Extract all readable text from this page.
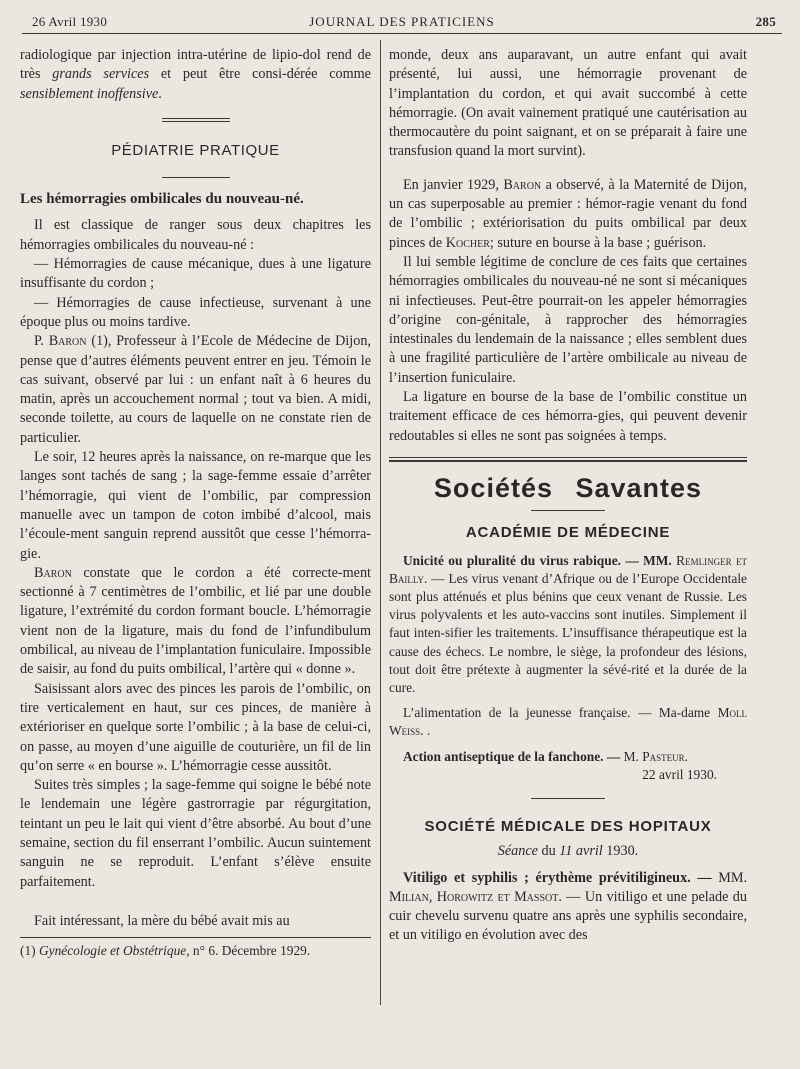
26 Avril 1930	JOURNAL DES PRATICIENS	285

radiologique par injection intra-utérine de lipio-dol rend de très grands services et peut être consi-dérée comme sensiblement inoffensive.

PÉDIATRIE PRATIQUE

Les hémorragies ombilicales du nouveau-né.

Il est classique de ranger sous deux chapitres les hémorragies ombilicales du nouveau-né :

— Hémorragies de cause mécanique, dues à une ligature insuffisante du cordon ;

— Hémorragies de cause infectieuse, survenant à une époque plus ou moins tardive.

P. Baron (1), Professeur à l’Ecole de Médecine de Dijon, pense que d’autres éléments peuvent entrer en jeu. Témoin le cas suivant, observé par lui : un enfant naît à 6 heures du matin, après un accouchement normal ; tout va bien. A midi, seconde toilette, au cours de laquelle on ne constate rien de particulier.

Le soir, 12 heures après la naissance, on re-marque que les langes sont tachés de sang ; la sage-femme essaie d’arrêter l’hémorragie, qui vient de l’ombilic, par compression manuelle avec un tampon de coton imbibé d’alcool, mais l’écoule-ment sanguin reprend aussitôt que cesse l’hémorra-gie.

Baron constate que le cordon a été correcte-ment sectionné à 7 centimètres de l’ombilic, et lié par une double ligature, l’extrémité du cordon formant boucle. L’hémorragie vient non de la ligature, mais du fond de l’infundibulum ombilical, au niveau de l’implantation funiculaire. Impossible de saisir, au fond du puits ombilical, l’artère qui « donne ».

Saisissant alors avec des pinces les parois de l’ombilic, on tire verticalement en haut, sur ces pinces, de manière à extérioriser en quelque sorte l’ombilic ; à la base de celui-ci, on passe, au moyen d’une aiguille de couturière, un fil de lin qu’on serre « en bourse ». L’hémorragie cesse aussitôt.

Suites très simples ; la sage-femme qui soigne le bébé note le lendemain une légère gastrorragie par régurgitation, teintant un peu le lait qui vient d’être absorbé. Au bout d’une semaine, section du fil enserrant l’ombilic. Aucun suintement sanguin ne se reproduit. L’enfant s’élève ensuite parfaitement.

Fait intéressant, la mère du bébé avait mis au

(1) Gynécologie et Obstétrique, n° 6. Décembre 1929.

monde, deux ans auparavant, un autre enfant qui avait présenté, lui aussi, une hémorragie provenant de l’implantation du cordon, et qui avait succombé à cette hémorragie. (On avait vainement pratiqué une cautérisation au thermocautère du point saignant, et on se préparait à faire une transfusion quand la mort survint).

En janvier 1929, Baron a observé, à la Maternité de Dijon, un cas superposable au premier : hémor-ragie venant du fond de l’ombilic ; extériorisation du puits ombilical par deux pinces de Kocher; suture en bourse à la base ; guérison.

Il lui semble légitime de conclure de ces faits que certaines hémorragies ombilicales du nouveau-né ne sont si mécaniques ni infectieuses. Peut-être pourrait-on les appeler hémorragies d’origine con-génitale, à rapprocher des hémorragies intestinales du lendemain de la naissance ; elles semblent dues à une fragilité particulière de l’artère ombilicale au niveau de l’insertion funiculaire.

La ligature en bourse de la base de l’ombilic constitue un traitement efficace de ces hémorra-gies, qui peuvent devenir redoutables si elles ne sont pas soignées à temps.

Sociétés Savantes
ACADÉMIE DE MÉDECINE

Unicité ou pluralité du virus rabique. — MM. Remlinger et Bailly. — Les virus venant d’Afrique ou de l’Europe Occidentale sont plus atténués et plus bénins que ceux venant de Russie. Les virus polyvalents et les auto-vaccins sont inutiles. Simplement il faut inten-sifier les traitements. L’insuffisance thérapeutique est la cause des échecs. Le nombre, le siège, la profondeur des lésions, tout doit être prétexte à augmenter la sévé-rité et la durée de la cure.

L’alimentation de la jeunesse française. — Ma-dame Moll Weiss. .

Action antiseptique de la fanchone. — M. Pasteur.

22 avril 1930.

SOCIÉTÉ MÉDICALE DES HOPITAUX

Séance du 11 avril 1930.

Vitiligo et syphilis ; érythème prévitiligineux. — MM. Milian, Horowitz et Massot. — Un vitiligo et une pelade du cuir chevelu survenu quatre ans après une syphilis secondaire, et un vitiligo en évolution avec des
